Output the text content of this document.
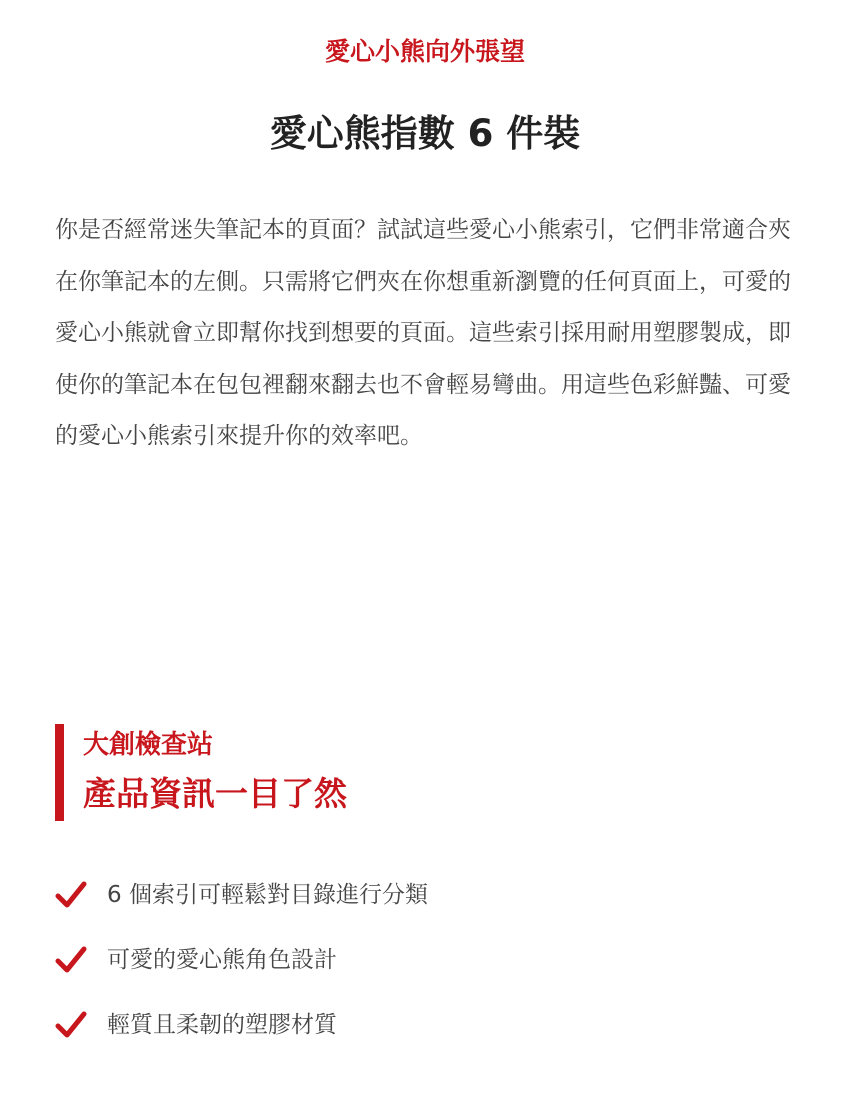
愛心小熊向外張望
愛心熊指數 6 件裝

你是否經常迷失筆記本的頁面？試試這些愛心小熊索引，它們非常適合夾在你筆記本的左側。只需將它們夾在你想重新瀏覽的任何頁面上，可愛的愛心小熊就會立即幫你找到想要的頁面。這些索引採用耐用塑膠製成，即使你的筆記本在包包裡翻來翻去也不會輕易彎曲。用這些色彩鮮豔、可愛的愛心小熊索引來提升你的效率吧。

大創檢查站
產品資訊一目了然
6 個索引可輕鬆對目錄進行分類
可愛的愛心熊角色設計
輕質且柔韌的塑膠材質
